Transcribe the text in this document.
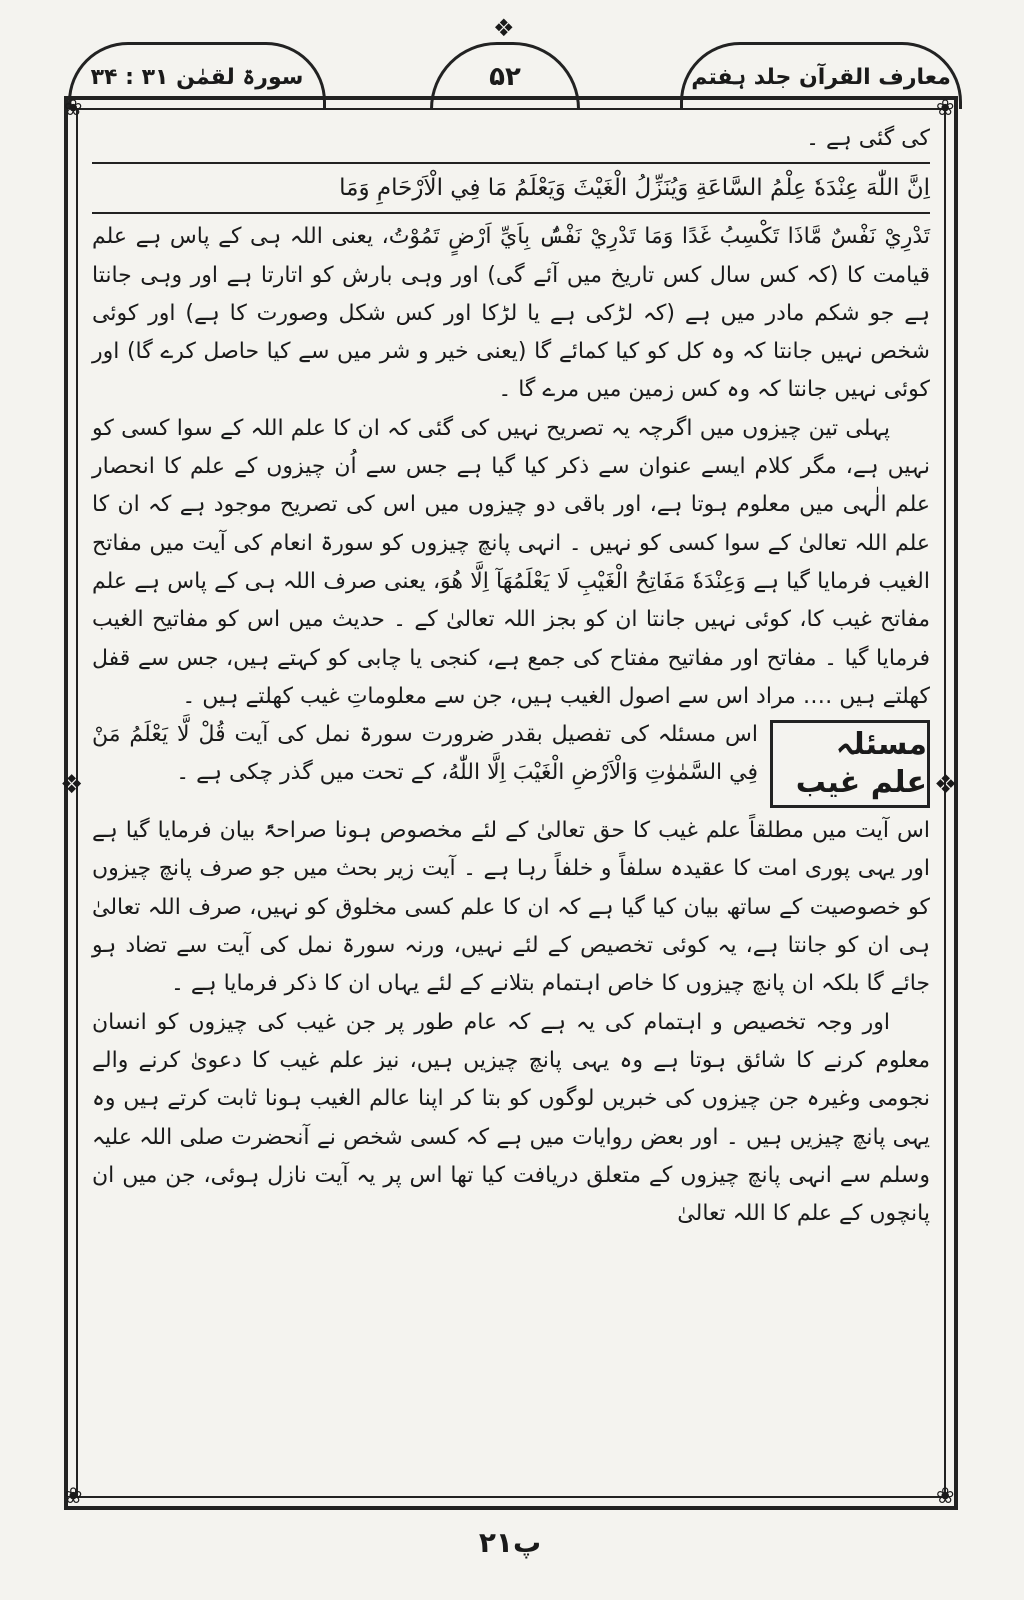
❖
سورۃ لقمٰن ۳۱ : ۳۴	۵۲	معارف القرآن جلد ہفتم
❀	❀
❀	❀
❖	❖

کی گئی ہے ۔

اِنَّ اللّٰهَ عِنْدَهٗ عِلْمُ السَّاعَةِ وَيُنَزِّلُ الْغَيْثَ وَيَعْلَمُ مَا فِي الْاَرْحَامِ وَمَا

تَدْرِيْ نَفْسٌ مَّاذَا تَكْسِبُ غَدًا وَمَا تَدْرِيْ نَفْسٌۢ بِاَيِّ اَرْضٍ تَمُوْتُ، یعنی اللہ ہی کے پاس ہے علم قیامت کا (کہ کس سال کس تاریخ میں آئے گی) اور وہی بارش کو اتارتا ہے اور وہی جانتا ہے جو شکم مادر میں ہے (کہ لڑکی ہے یا لڑکا اور کس شکل وصورت کا ہے) اور کوئی شخص نہیں جانتا کہ وہ کل کو کیا کمائے گا (یعنی خیر و شر میں سے کیا حاصل کرے گا) اور کوئی نہیں جانتا کہ وہ کس زمین میں مرے گا ۔

پہلی تین چیزوں میں اگرچہ یہ تصریح نہیں کی گئی کہ ان کا علم اللہ کے سوا کسی کو نہیں ہے، مگر کلام ایسے عنوان سے ذکر کیا گیا ہے جس سے اُن چیزوں کے علم کا انحصار علم الٰہی میں معلوم ہوتا ہے، اور باقی دو چیزوں میں اس کی تصریح موجود ہے کہ ان کا علم اللہ تعالیٰ کے سوا کسی کو نہیں ۔ انہی پانچ چیزوں کو سورۃ انعام کی آیت میں مفاتح الغیب فرمایا گیا ہے وَعِنْدَهٗ مَفَاتِحُ الْغَيْبِ لَا يَعْلَمُهَآ اِلَّا هُوَ، یعنی صرف اللہ ہی کے پاس ہے علم مفاتح غیب کا، کوئی نہیں جانتا ان کو بجز اللہ تعالیٰ کے ۔ حدیث میں اس کو مفاتیح الغیب فرمایا گیا ۔ مفاتح اور مفاتیح مفتاح کی جمع ہے، کنجی یا چابی کو کہتے ہیں، جس سے قفل کھلتے ہیں ․․․․ مراد اس سے اصول الغیب ہیں، جن سے معلوماتِ غیب کھلتے ہیں ۔

مسئلہ علم غیب

اس مسئلہ کی تفصیل بقدر ضرورت سورۃ نمل کی آیت قُلْ لَّا يَعْلَمُ مَنْ فِي السَّمٰوٰتِ وَالْاَرْضِ الْغَيْبَ اِلَّا اللّٰهُ، کے تحت میں گذر چکی ہے ۔

اس آیت میں مطلقاً علم غیب کا حق تعالیٰ کے لئے مخصوص ہونا صراحۃً بیان فرمایا گیا ہے اور یہی پوری امت کا عقیدہ سلفاً و خلفاً رہا ہے ۔ آیت زیر بحث میں جو صرف پانچ چیزوں کو خصوصیت کے ساتھ بیان کیا گیا ہے کہ ان کا علم کسی مخلوق کو نہیں، صرف اللہ تعالیٰ ہی ان کو جانتا ہے، یہ کوئی تخصیص کے لئے نہیں، ورنہ سورۃ نمل کی آیت سے تضاد ہو جائے گا بلکہ ان پانچ چیزوں کا خاص اہتمام بتلانے کے لئے یہاں ان کا ذکر فرمایا ہے ۔

اور وجہ تخصیص و اہتمام کی یہ ہے کہ عام طور پر جن غیب کی چیزوں کو انسان معلوم کرنے کا شائق ہوتا ہے وہ یہی پانچ چیزیں ہیں، نیز علم غیب کا دعویٰ کرنے والے نجومی وغیرہ جن چیزوں کی خبریں لوگوں کو بتا کر اپنا عالم الغیب ہونا ثابت کرتے ہیں وہ یہی پانچ چیزیں ہیں ۔ اور بعض روایات میں ہے کہ کسی شخص نے آنحضرت صلی اللہ علیہ وسلم سے انہی پانچ چیزوں کے متعلق دریافت کیا تھا اس پر یہ آیت نازل ہوئی، جن میں ان پانچوں کے علم کا اللہ تعالیٰ

پ۲۱
